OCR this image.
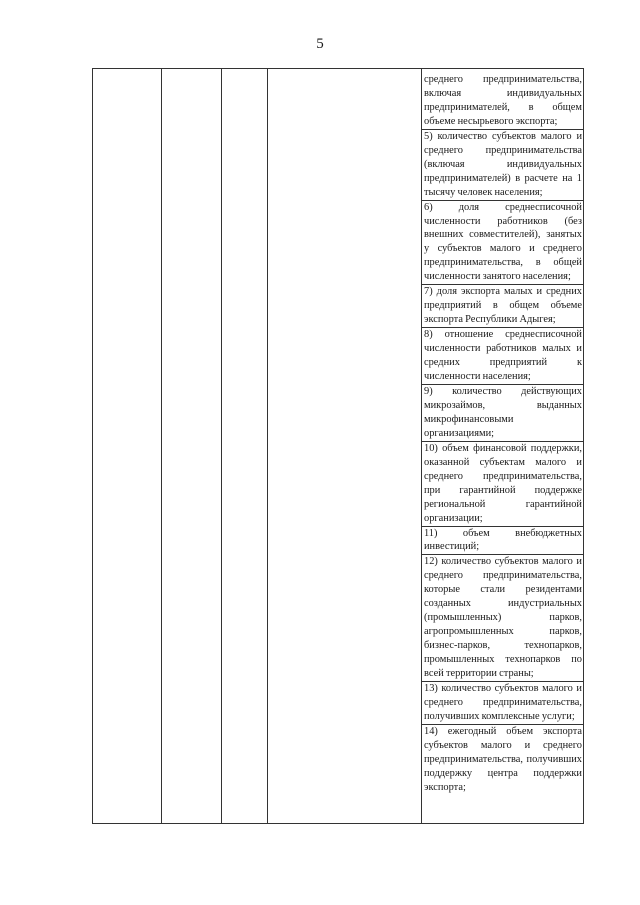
5

среднего предпринимательства, включая индивидуальных предпринимателей, в общем объеме несырьевого экспорта;
5) количество субъектов малого и среднего предпринимательства (включая индивидуальных предпринимателей) в расчете на 1 тысячу человек населения;
6) доля среднесписочной численности работников (без внешних совместителей), занятых у субъектов малого и среднего предпринимательства, в общей численности занятого населения;
7) доля экспорта малых и средних предприятий в общем объеме экспорта Республики Адыгея;
8) отношение среднесписочной численности работников малых и средних предприятий к численности населения;
9) количество действующих микрозаймов, выданных микрофинансовыми организациями;
10) объем финансовой поддержки, оказанной субъектам малого и среднего предпринимательства, при гарантийной поддержке региональной гарантийной организации;
11) объем внебюджетных инвестиций;
12) количество субъектов малого и среднего предпринимательства, которые стали резидентами созданных индустриальных (промышленных) парков, агропромышленных парков, бизнес-парков, технопарков, промышленных технопарков по всей территории страны;
13) количество субъектов малого и среднего предпринимательства, получивших комплексные услуги;
14) ежегодный объем экспорта субъектов малого и среднего предпринимательства, получивших поддержку центра поддержки экспорта;
